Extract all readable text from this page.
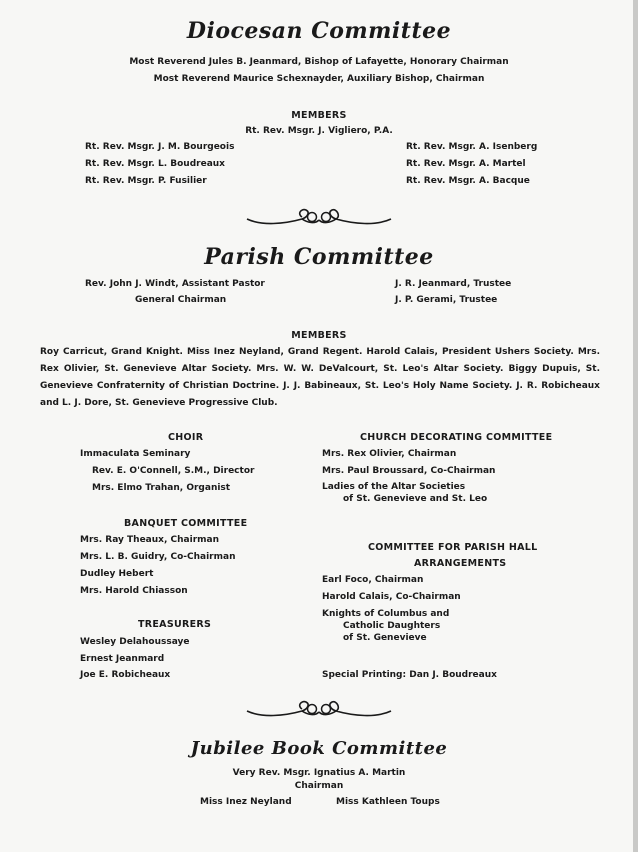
Diocesan Committee
Most Reverend Jules B. Jeanmard, Bishop of Lafayette, Honorary Chairman
Most Reverend Maurice Schexnayder, Auxiliary Bishop, Chairman
MEMBERS
Rt. Rev. Msgr. J. Vigliero, P.A.
Rt. Rev. Msgr. J. M. Bourgeois
Rt. Rev. Msgr. L. Boudreaux
Rt. Rev. Msgr. P. Fusilier
Rt. Rev. Msgr. A. Isenberg
Rt. Rev. Msgr. A. Martel
Rt. Rev. Msgr. A. Bacque
Parish Committee
Rev. John J. Windt, Assistant Pastor
General Chairman
J. R. Jeanmard, Trustee
J. P. Gerami, Trustee
MEMBERS
Roy Carricut, Grand Knight. Miss Inez Neyland, Grand Regent. Harold Calais, President Ushers Society. Mrs. Rex Olivier, St. Genevieve Altar Society. Mrs. W. W. DeValcourt, St. Leo's Altar Society. Biggy Dupuis, St. Genevieve Confraternity of Christian Doctrine. J. J. Babineaux, St. Leo's Holy Name Society. J. R. Robicheaux and L. J. Dore, St. Genevieve Progressive Club.
CHOIR
Immaculata Seminary
Rev. E. O'Connell, S.M., Director
Mrs. Elmo Trahan, Organist
CHURCH DECORATING COMMITTEE
Mrs. Rex Olivier, Chairman
Mrs. Paul Broussard, Co-Chairman
Ladies of the Altar Societies
of St. Genevieve and St. Leo
BANQUET COMMITTEE
Mrs. Ray Theaux, Chairman
Mrs. L. B. Guidry, Co-Chairman
Dudley Hebert
Mrs. Harold Chiasson
COMMITTEE FOR PARISH HALL
ARRANGEMENTS
Earl Foco, Chairman
Harold Calais, Co-Chairman
Knights of Columbus and
Catholic Daughters
of St. Genevieve
TREASURERS
Wesley Delahoussaye
Ernest Jeanmard
Joe E. Robicheaux	Special Printing: Dan J. Boudreaux
Jubilee Book Committee
Very Rev. Msgr. Ignatius A. Martin
Chairman
Miss Inez Neyland	Miss Kathleen Toups
